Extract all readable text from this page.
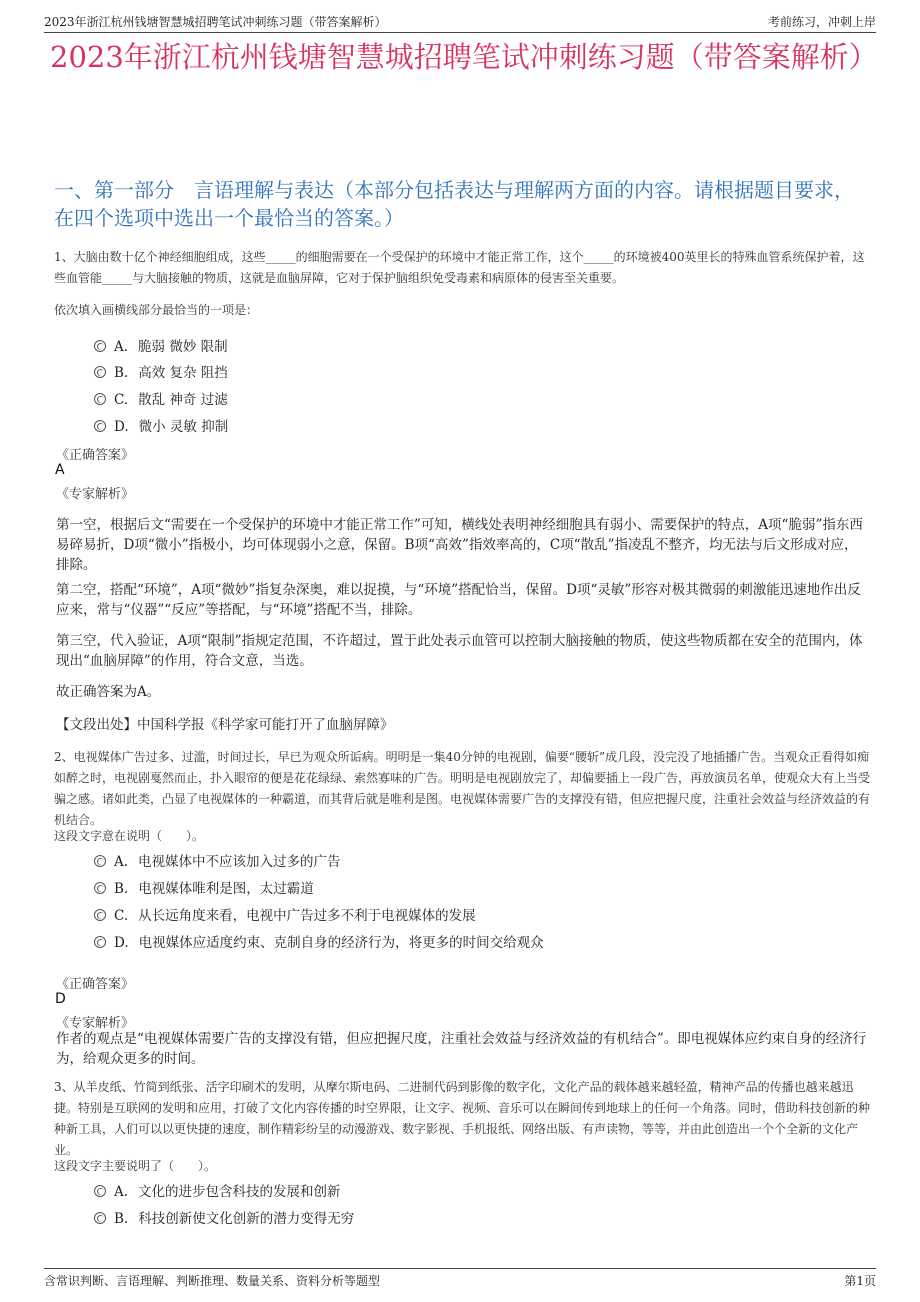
2023年浙江杭州钱塘智慧城招聘笔试冲刺练习题（带答案解析）	考前练习，冲刺上岸
2023年浙江杭州钱塘智慧城招聘笔试冲刺练习题（带答案解析）
一、第一部分　言语理解与表达（本部分包括表达与理解两方面的内容。请根据题目要求，在四个选项中选出一个最恰当的答案。）

1、大脑由数十亿个神经细胞组成，这些_____的细胞需要在一个受保护的环境中才能正常工作，这个_____的环境被400英里长的特殊血管系统保护着，这些血管能_____与大脑接触的物质，这就是血脑屏障，它对于保护脑组织免受毒素和病原体的侵害至关重要。

依次填入画横线部分最恰当的一项是：

A. 脆弱 微妙 限制
B. 高效 复杂 阻挡
C. 散乱 神奇 过滤
D. 微小 灵敏 抑制
《正确答案》
A
《专家解析》

第一空，根据后文“需要在一个受保护的环境中才能正常工作”可知，横线处表明神经细胞具有弱小、需要保护的特点，A项“脆弱”指东西易碎易折，D项“微小”指极小，均可体现弱小之意，保留。B项“高效”指效率高的，C项“散乱”指凌乱不整齐，均无法与后文形成对应，排除。

第二空，搭配“环境”，A项“微妙”指复杂深奥，难以捉摸，与“环境”搭配恰当，保留。D项“灵敏”形容对极其微弱的刺激能迅速地作出反应来，常与“仪器”“反应”等搭配，与“环境”搭配不当，排除。

第三空，代入验证，A项“限制”指规定范围，不许超过，置于此处表示血管可以控制大脑接触的物质，使这些物质都在安全的范围内，体现出“血脑屏障”的作用，符合文意，当选。

故正确答案为A。

【文段出处】中国科学报《科学家可能打开了血脑屏障》

2、电视媒体广告过多、过滥，时间过长，早已为观众所诟病。明明是一集40分钟的电视剧，偏要“腰斩”成几段，没完没了地插播广告。当观众正看得如痴如醉之时，电视剧戛然而止，扑入眼帘的便是花花绿绿、索然寡味的广告。明明是电视剧放完了，却偏要插上一段广告，再放演员名单，使观众大有上当受骗之感。诸如此类，凸显了电视媒体的一种霸道，而其背后就是唯利是图。电视媒体需要广告的支撑没有错，但应把握尺度，注重社会效益与经济效益的有机结合。

这段文字意在说明（　　）。

A. 电视媒体中不应该加入过多的广告
B. 电视媒体唯利是图，太过霸道
C. 从长远角度来看，电视中广告过多不利于电视媒体的发展
D. 电视媒体应适度约束、克制自身的经济行为，将更多的时间交给观众
《正确答案》
D
《专家解析》

作者的观点是“电视媒体需要广告的支撑没有错，但应把握尺度，注重社会效益与经济效益的有机结合”。即电视媒体应约束自身的经济行为，给观众更多的时间。

3、从羊皮纸、竹简到纸张、活字印刷术的发明，从摩尔斯电码、二进制代码到影像的数字化，文化产品的载体越来越轻盈，精神产品的传播也越来越迅捷。特别是互联网的发明和应用，打破了文化内容传播的时空界限，让文字、视频、音乐可以在瞬间传到地球上的任何一个角落。同时，借助科技创新的种种新工具，人们可以以更快捷的速度，制作精彩纷呈的动漫游戏、数字影视、手机报纸、网络出版、有声读物，等等，并由此创造出一个个全新的文化产业。

这段文字主要说明了（　　）。

A. 文化的进步包含科技的发展和创新
B. 科技创新使文化创新的潜力变得无穷
含常识判断、言语理解、判断推理、数量关系、资料分析等题型	第1页
